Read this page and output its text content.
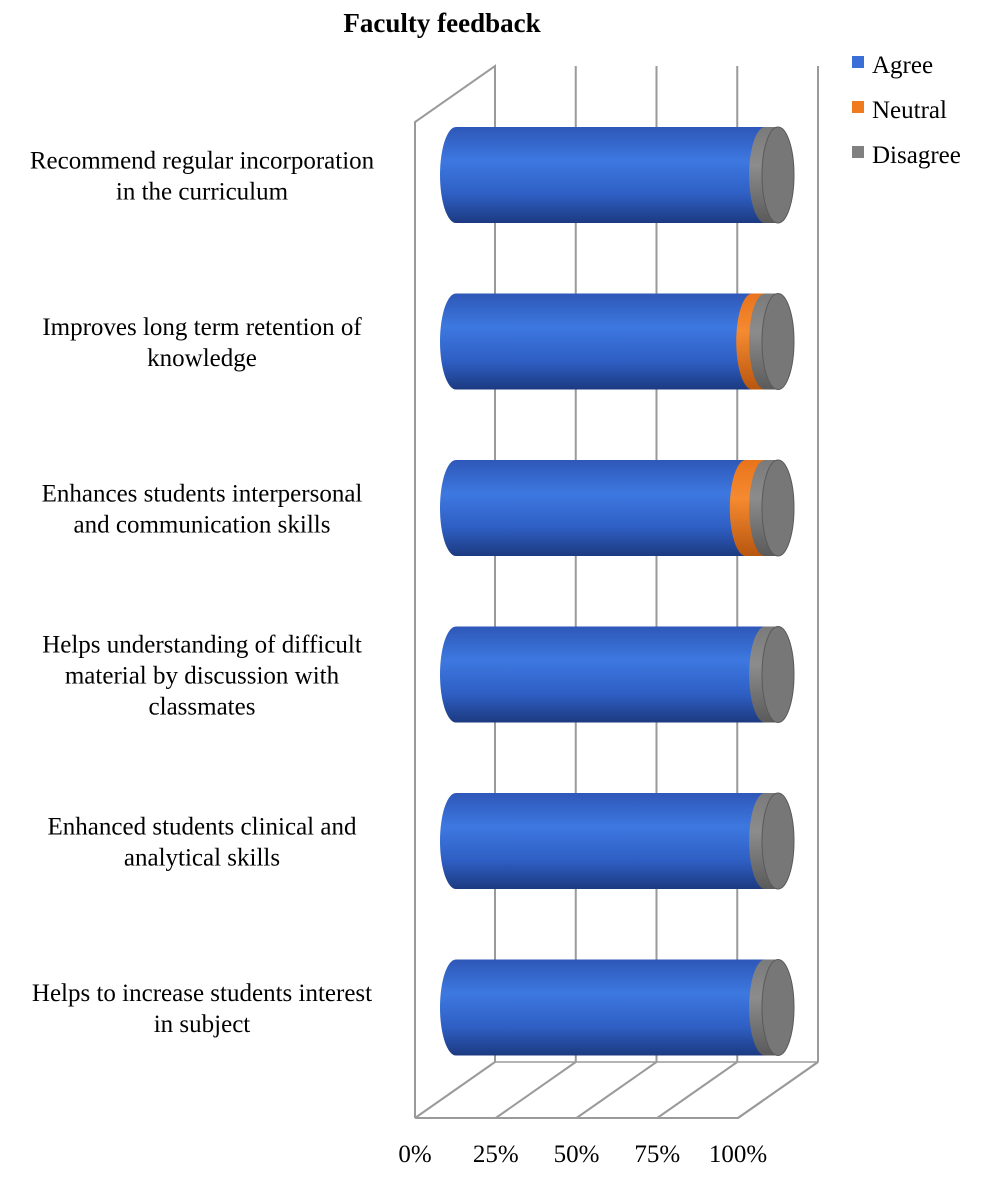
Faculty feedback
Recommend regular incorporation in the curriculum
Improves long term retention of knowledge
Enhances students interpersonal and communication skills
Helps understanding of difficult material by discussion with classmates
Enhanced students clinical and analytical skills
Helps to increase students interest in subject
0% 25% 50% 75% 100%
Agree
Neutral
Disagree
